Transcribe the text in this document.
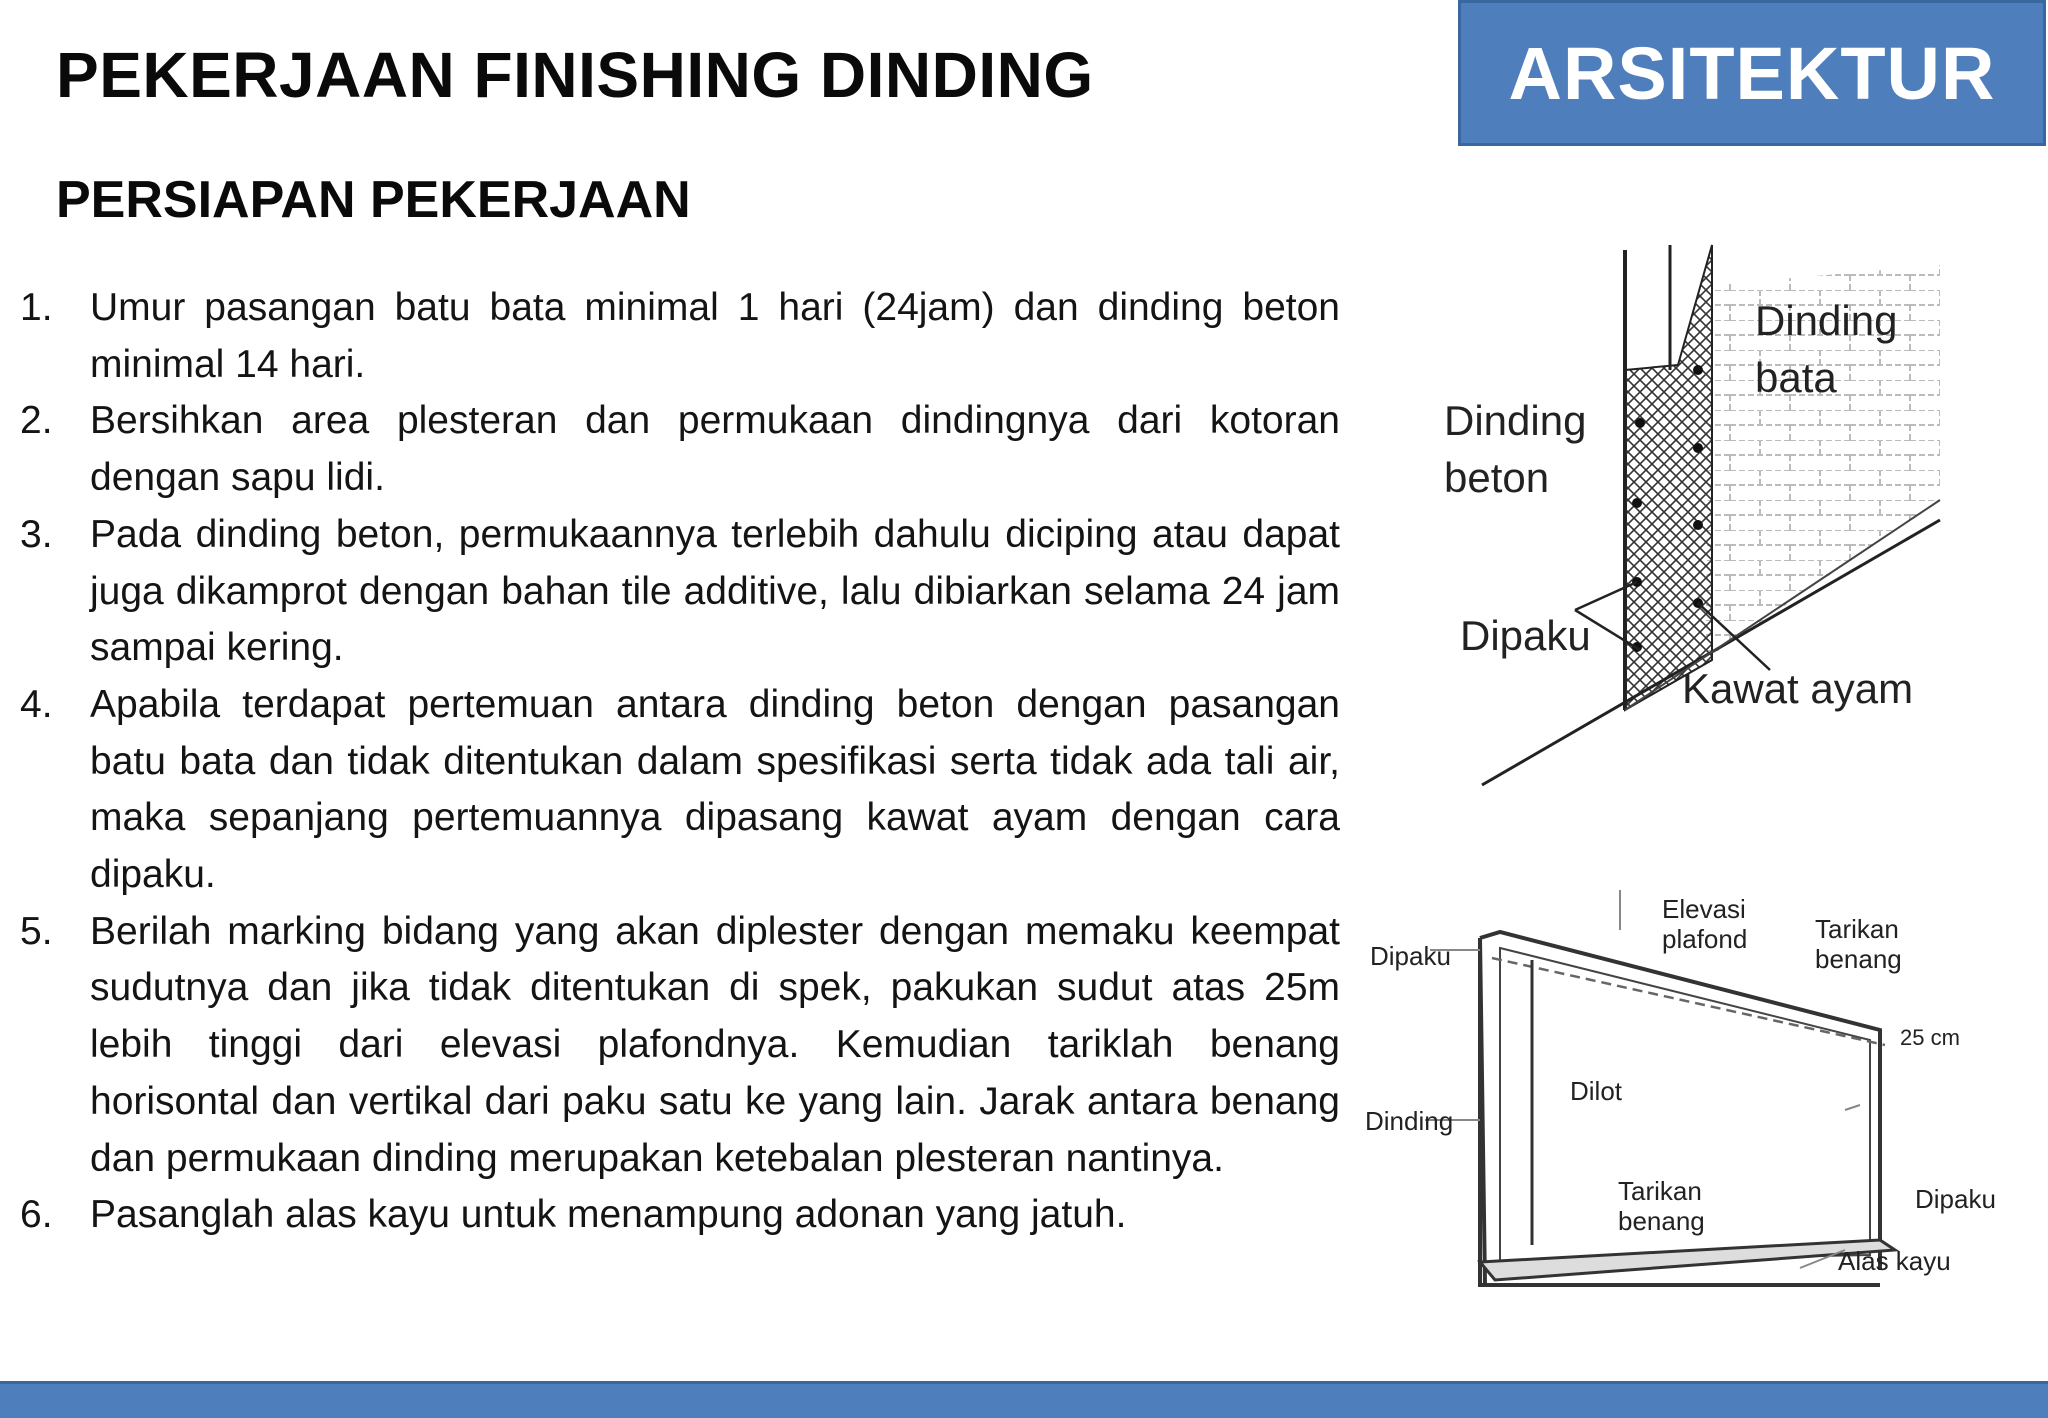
PEKERJAAN FINISHING DINDING	ARSITEKTUR
PERSIAPAN PEKERJAAN
1. Umur pasangan batu bata minimal 1 hari (24jam) dan dinding beton minimal 14 hari.
2. Bersihkan area plesteran dan permukaan dindingnya dari kotoran dengan sapu lidi.
3. Pada dinding beton, permukaannya terlebih dahulu diciping atau dapat juga dikamprot dengan bahan tile additive, lalu dibiarkan selama 24 jam sampai kering.
4. Apabila terdapat pertemuan antara dinding beton dengan pasangan batu bata dan tidak ditentukan dalam spesifikasi serta tidak ada tali air, maka sepanjang pertemuannya dipasang kawat ayam dengan cara dipaku.
5. Berilah marking bidang yang akan diplester dengan memaku keempat sudutnya dan jika tidak ditentukan di spek, pakukan sudut atas 25m lebih tinggi dari elevasi plafondnya. Kemudian tariklah benang horisontal dan vertikal dari paku satu ke yang lain. Jarak antara benang dan permukaan dinding merupakan ketebalan plesteran nantinya.
6. Pasanglah alas kayu untuk menampung adonan yang jatuh.
Dinding
bata
Dinding
beton
Dipaku
Kawat ayam
Elevasi
plafond	Tarikan
benang
Dipaku
25 cm
Dinding
Dilot
Tarikan
benang
Dipaku
Alas kayu
